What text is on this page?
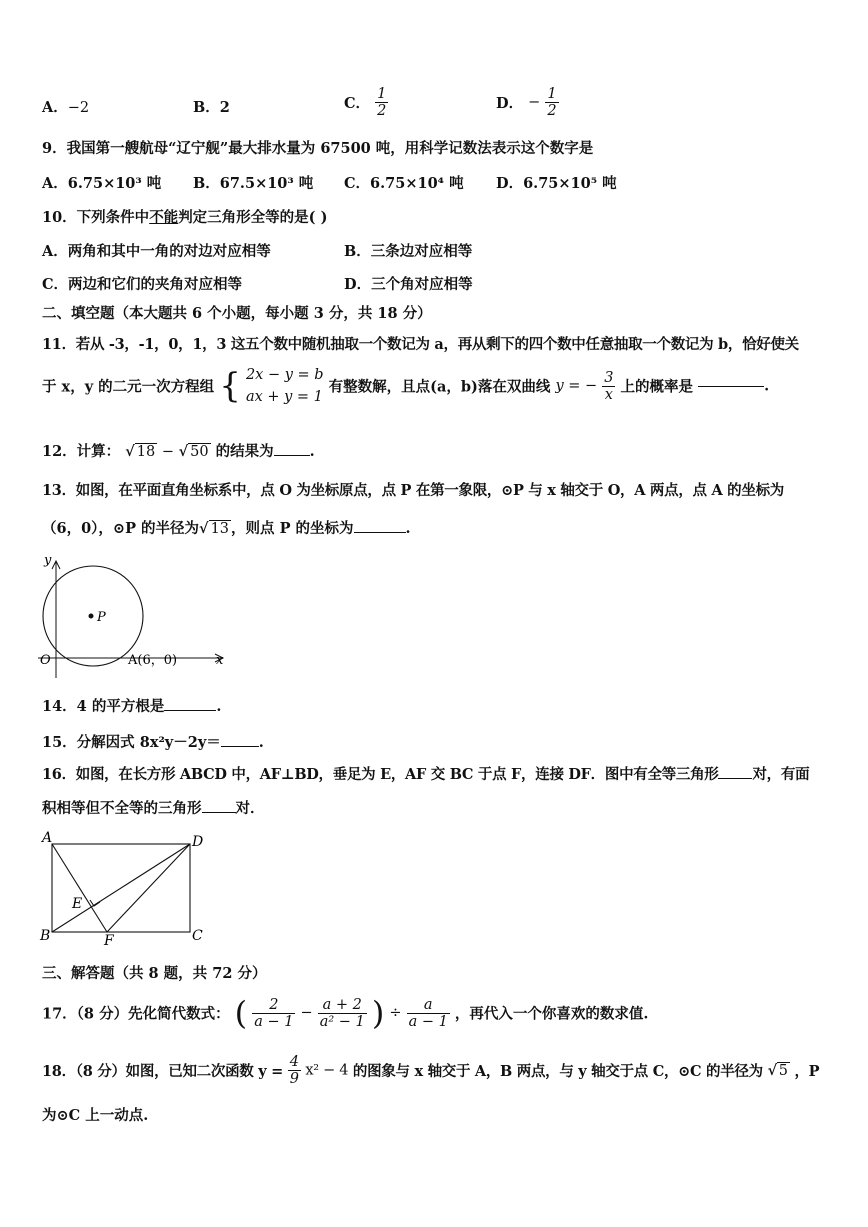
A．−2	B．2	C． $\frac{1}{2}$	D． − $\frac{1}{2}$
9．我国第一艘航母“辽宁舰”最大排水量为 67500 吨，用科学记数法表示这个数字是
A．6.75×10³ 吨 B．67.5×10³ 吨 C．6.75×10⁴ 吨 D．6.75×10⁵ 吨
10．下列条件中不能判定三角形全等的是( )
A．两角和其中一角的对边对应相等	B．三条边对应相等
C．两边和它们的夹角对应相等	D．三个角对应相等
二、填空题（本大题共 6 个小题，每小题 3 分，共 18 分）
11．若从 -3，-1，0，1，3 这五个数中随机抽取一个数记为 a，再从剩下的四个数中任意抽取一个数记为 b，恰好使关
于 x，y 的二元一次方程组 { 2x − y = b
ax + y = 1
有整数解，且点(a，b)落在双曲线 y = − $\frac{3}{x}$ 上的概率是	.
12．计算： √ 18 − √ 50 的结果为 .
13．如图，在平面直角坐标系中，点 O 为坐标原点，点 P 在第一象限，⊙P 与 x 轴交于 O，A 两点，点 A 的坐标为
（6，0），⊙P 的半径为√ 13 ，则点 P 的坐标为	.
P
y
x
O	A(6，0)
14．4 的平方根是	.
15．分解因式 8x²y－2y＝	.
16．如图，在长方形 ABCD 中，AF⊥BD，垂足为 E，AF 交 BC 于点 F，连接 DF．图中有全等三角形 对，有面
积相等但不全等的三角形 对．
A	D
B	C
E
F
三、解答题（共 8 题，共 72 分）
17．（8 分）先化简代数式： ( $\frac{2}{a - 1} - \frac{a + 2}{\text{a² − 1}}$ ) ÷ $\frac{a}{a - 1}$ ，再代入一个你喜欢的数求值.
18．（8 分）如图，已知二次函数 $y = \frac{4}{9} x^2 - 4$ 的图象与 x 轴交于 A，B 两点，与 y 轴交于点 C，⊙C 的半径为 √ 5 ，P
为⊙C 上一动点.
